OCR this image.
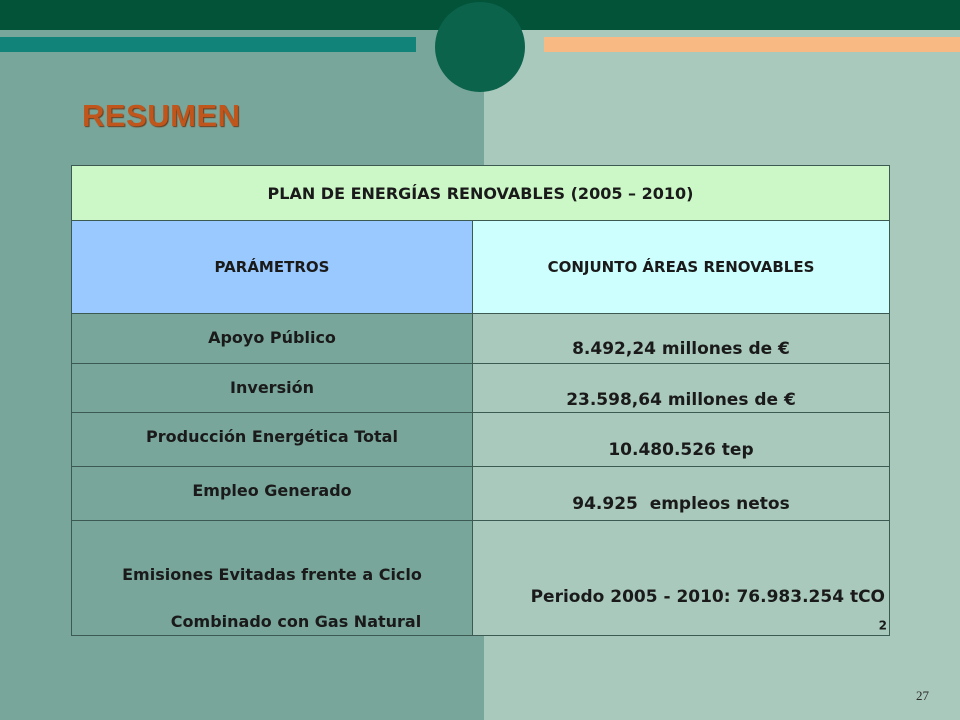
RESUMEN
PLAN DE ENERGÍAS RENOVABLES (2005 – 2010)	
PARÁMETROS	CONJUNTO ÁREAS RENOVABLES

Apoyo Público	8.492,24 millones de €

Inversión	23.598,64 millones de €

Producción Energética Total	10.480.526 tep

Empleo Generado	94.925  empleos netos

Emisiones Evitadas frente a Ciclo
Combinado con Gas Natural	Periodo 2005 - 2010: 76.983.254 tCO
$_2$
27
